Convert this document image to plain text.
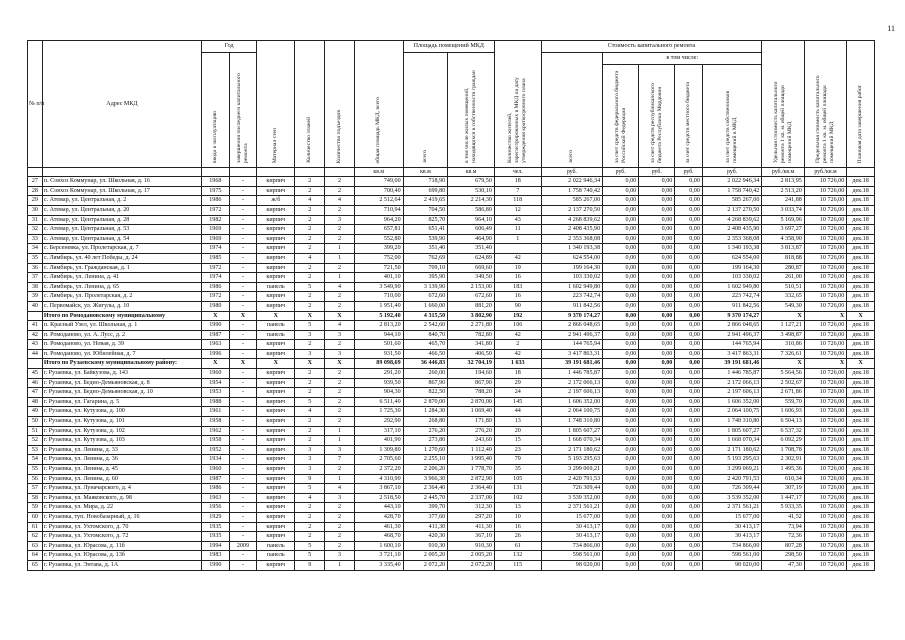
11
№ п/п	Адрес МКД	Год		Материал стен	Количество этажей	Количество подъездов	общая площадь МКД, всего	Площадь помещений МКД		Количество жителей, зарегистрированных в МКД на дату утверждения краткосрочного плана	Стоимость капитального ремонта					Удельная стоимость капитального ремонта 1 кв. м. общей площади помещений МКД	Предельная стоимость капитального ремонта 1 кв. м. общей площади помещений МКД	Плановая дата завершения работ
		ввода в эксплуатацию	завершения последнего капитального ремонта					всего	в том числе жилых помещений, находящихся в собственности граждан		всего	в том числе:						
												за счет средств федерального бюджета Российской Федерации	за счет средств республиканского бюджета Республики Мордовия	за счет средств местного бюджета	за счет средств собственников помещений в МКД			
							кв.м	кв.м	кв.м	чел.	руб.	руб.	руб.	руб.	руб.	руб./кв.м	руб./кв.м	
27	п. Совхоз Коммунар, ул. Школьная, д. 16	1968	-	кирпич	2	2	749,00	718,90	679,50	18	2 022 946,34	0,00	0,00	0,00	2 022 946,34	2 813,95	10 726,00	дек.18
28	п. Совхоз Коммунар, ул. Школьная, д. 17	1975	-	кирпич	2	2	700,40	699,80	530,10	7	1 758 740,42	0,00	0,00	0,00	1 758 740,42	2 513,20	10 726,00	дек.18
29	с. Атемар, ул. Центральная, д. 2	1986	-	ж/б	4	4	2 512,64	2 419,65	2 214,30	118	585 267,00	0,00	0,00	0,00	585 267,00	241,88	10 726,00	дек.18
30	с. Атемар, ул. Центральная, д. 20	1972	-	кирпич	2	2	710,94	704,50	586,80	12	2 137 270,50	0,00	0,00	0,00	2 137 270,50	3 033,74	10 726,00	дек.18
31	с. Атемар, ул. Центральная, д. 28	1982	-	кирпич	2	3	964,20	825,70	964,10	43	4 268 839,62	0,00	0,00	0,00	4 268 839,62	5 169,96	10 726,00	дек.18
32	с. Атемар, ул. Центральная, д. 53	1969	-	кирпич	2	2	657,81	651,41	606,49	11	2 408 435,90	0,00	0,00	0,00	2 408 435,90	3 697,27	10 726,00	дек.18
33	с. Атемар, ул. Центральная, д. 54	1969	-	кирпич	2	2	552,80	539,90	464,90	1	2 353 368,08	0,00	0,00	0,00	2 353 368,08	4 358,90	10 726,00	дек.18
34	с. Берсеневка, ул. Пролетарская, д. 7	1974	-	кирпич	2	1	399,20	351,40	351,40		1 340 193,38	0,00	0,00	0,00	1 340 193,38	3 813,87	10 726,00	дек.18
35	с. Лямбирь, ул. 40 лет Победы, д. 24	1985	-	кирпич	4	1	752,00	762,69	624,89	42	624 554,00	0,00	0,00	0,00	624 554,00	818,88	10 726,00	дек.18
36	с. Лямбирь, ул. Гражданская, д. 1	1972	-	кирпич	2	2	721,50	709,10	669,60	19	199 164,30	0,00	0,00	0,00	199 164,30	280,87	10 726,00	дек.18
37	с. Лямбирь, ул. Ленина, д. 41	1974	-	кирпич	2	1	401,10	395,90	349,50	16	103 330,02	0,00	0,00	0,00	103 330,02	261,00	10 726,00	дек.18
38	с. Лямбирь, ул. Ленина, д. 65	1986	-	панель	5	4	3 549,90	3 139,90	2 153,00	183	1 602 949,80	0,00	0,00	0,00	1 602 949,80	510,51	10 726,00	дек.18
39	с. Лямбирь, ул. Пролетарская, д. 2	1972	-	кирпич	2	2	710,00	672,60	672,60	16	223 742,74	0,00	0,00	0,00	223 742,74	332,65	10 726,00	дек.18
40	с. Первомайск, ул. Жигулы, д. 10	1980	-	кирпич	2	2	1 951,40	1 660,00	881,20	90	911 842,56	0,00	0,00	0,00	911 842,56	549,30	10 726,00	дек.18
	Итого по Ромодановскому муниципальному	X	X	X	X	X	5 192,40	4 315,50	3 802,90	192	9 370 174,27	0,00	0,00	0,00	9 370 174,27	X	X	X
41	п. Красный Узел, ул. Школьная, д. 1	1990	-	панель	5	4	2 813,20	2 542,60	2 271,80	106	2 866 048,65	0,00	0,00	0,00	2 866 048,65	1 127,21	10 726,00	дек.18
42	п. Ромоданово, ул. А. Лусс, д. 2	1987	-	панель	3	3	944,10	840,70	782,80	42	2 941 496,37	0,00	0,00	0,00	2 941 496,37	3 498,87	10 726,00	дек.18
43	п. Ромоданово, ул. Новая, д. 39	1963	-	кирпич	2	2	501,60	465,70	341,80	2	144 765,94	0,00	0,00	0,00	144 765,94	310,86	10 726,00	дек.18
44	п. Ромоданово, ул. Юбилейная, д. 7	1996	-	кирпич	3	3	931,50	466,50	406,50	42	3 417 863,31	0,00	0,00	0,00	3 417 863,31	7 326,61	10 726,00	дек.18
	Итого по Рузаевскому муниципальному району:	X	X	X	X	X	89 098,69	36 446,83	32 704,19	1 633	39 191 681,46	0,00	0,00	0,00	39 191 681,46	X	X	X
45	г. Рузаевка, ул. Байкузова, д. 143	1960	-	кирпич	2	2	291,20	260,00	194,60	18	1 446 785,87	0,00	0,00	0,00	1 446 785,87	5 564,56	10 726,00	дек.18
46	г. Рузаевка, ул. Бедно-Демьяновская, д. 8	1954	-	кирпич	2	2	939,50	867,90	867,90	29	2 172 066,13	0,00	0,00	0,00	2 172 066,13	2 502,67	10 726,00	дек.18
47	г. Рузаевка, ул. Бедно-Демьяновская, д. 10	1953	-	кирпич	2	2	904,30	822,50	788,20	24	2 197 606,13	0,00	0,00	0,00	2 197 606,13	2 671,86	10 726,00	дек.18
48	г. Рузаевка, ул. Гагарина, д. 5	1988	-	кирпич	5	2	6 511,40	2 870,00	2 870,00	145	1 606 352,00	0,00	0,00	0,00	1 606 352,00	559,70	10 726,00	дек.18
49	г. Рузаевка, ул. Кутузова, д. 100	1961	-	кирпич	4	2	1 725,30	1 284,30	1 069,40	44	2 064 100,75	0,00	0,00	0,00	2 064 100,75	1 606,93	10 726,00	дек.18
50	г. Рузаевка, ул. Кутузова, д. 101	1958	-	кирпич	2	2	292,90	268,80	171,80	13	1 748 310,80	0,00	0,00	0,00	1 748 310,80	6 504,13	10 726,00	дек.18
51	г. Рузаевка, ул. Кутузова, д. 102	1962	-	кирпич	2	1	317,10	276,20	276,20	20	1 805 607,27	0,00	0,00	0,00	1 805 607,27	6 537,32	10 726,00	дек.18
52	г. Рузаевка, ул. Кутузова, д. 103	1958	-	кирпич	2	1	401,90	273,80	243,60	15	1 668 070,34	0,00	0,00	0,00	1 668 070,34	6 092,29	10 726,00	дек.18
53	г. Рузаевка, ул. Ленина, д. 33	1952	-	кирпич	3	3	1 309,80	1 270,60	1 112,40	23	2 171 180,62	0,00	0,00	0,00	2 171 180,62	1 708,78	10 726,00	дек.18
54	г. Рузаевка, ул. Ленина, д. 36	1934	-	кирпич	3	7	2 705,60	2 255,10	1 995,40	79	5 193 295,63	0,00	0,00	0,00	5 193 295,63	2 302,91	10 726,00	дек.18
55	г. Рузаевка, ул. Ленина, д. 45	1960	-	кирпич	3	2	2 372,20	2 206,20	1 778,70	35	3 299 069,21	0,00	0,00	0,00	3 299 069,21	1 495,36	10 726,00	дек.18
56	г. Рузаевка, ул. Ленина, д. 60	1987	-	кирпич	9	1	4 310,90	3 966,30	2 872,90	105	2 420 791,53	0,00	0,00	0,00	2 420 791,53	610,34	10 726,00	дек.18
57	г. Рузаевка, ул. Луначарского, д. 4	1986	-	кирпич	5	4	3 867,10	2 364,40	2 364,40	131	726 309,44	0,00	0,00	0,00	726 309,44	307,19	10 726,00	дек.18
58	г. Рузаевка, ул. Маяковского, д. 98	1963	-	кирпич	4	3	2 518,50	2 445,70	2 337,00	102	3 539 352,00	0,00	0,00	0,00	3 539 352,00	1 447,17	10 726,00	дек.18
59	г. Рузаевка, ул. Мира, д. 22	1956	-	кирпич	2	2	443,10	399,70	312,30	13	2 371 561,21	0,00	0,00	0,00	2 371 561,21	5 933,35	10 726,00	дек.18
60	г. Рузаевка, туп. Новобазарный, д. 16	1929	-	кирпич	2	2	428,70	377,60	297,20	10	15 677,00	0,00	0,00	0,00	15 677,00	41,52	10 726,00	дек.18
61	г. Рузаевка, ул. Ухтомского, д. 70	1935	-	кирпич	2	2	461,30	411,30	411,30	16	30 413,17	0,00	0,00	0,00	30 413,17	73,94	10 726,00	дек.18
62	г. Рузаевка, ул. Ухтомского, д. 72	1935	-	кирпич	2	2	468,70	420,30	367,10	26	30 413,17	0,00	0,00	0,00	30 413,17	72,36	10 726,00	дек.18
63	г. Рузаевка, ул. Юрасова, д. 11б	1994	2009	панель	5	2	1 600,10	910,30	910,30	61	734 866,00	0,00	0,00	0,00	734 866,00	807,28	10 726,00	дек.18
64	г. Рузаевка, ул. Юрасова, д. 13б	1983	-	панель	5	3	3 721,10	2 005,20	2 005,20	132	598 561,00	0,00	0,00	0,00	598 561,00	298,50	10 726,00	дек.18
65	г. Рузаевка, ул. Энтава, д. 1А	1990	-	кирпич	9	1	3 335,40	2 072,20	2 072,20	115	98 020,00	0,00	0,00	0,00	98 020,00	47,30	10 726,00	дек.18
